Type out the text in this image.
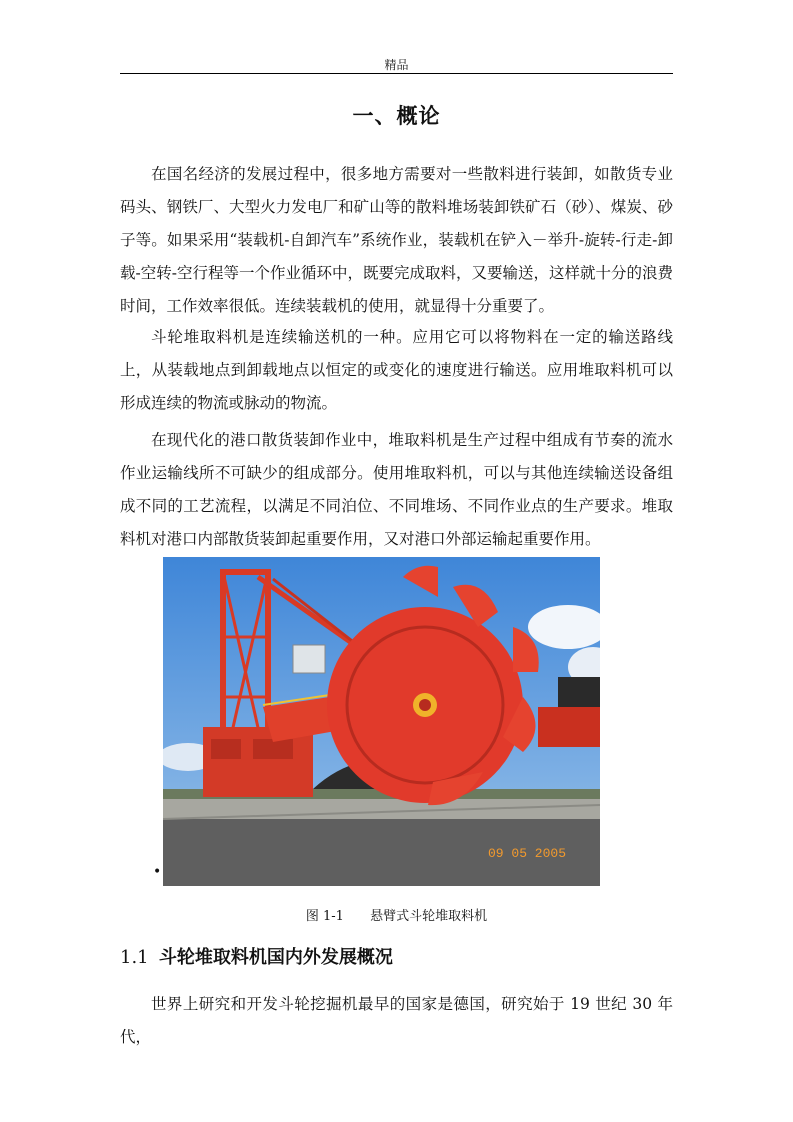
精品
一、概论

在国名经济的发展过程中，很多地方需要对一些散料进行装卸，如散货专业码头、钢铁厂、大型火力发电厂和矿山等的散料堆场装卸铁矿石（砂）、煤炭、砂子等。如果采用“装载机-自卸汽车”系统作业，装载机在铲入－举升-旋转-行走-卸载-空转-空行程等一个作业循环中，既要完成取料，又要输送，这样就十分的浪费时间，工作效率很低。连续装载机的使用，就显得十分重要了。

斗轮堆取料机是连续输送机的一种。应用它可以将物料在一定的输送路线上，从装载地点到卸载地点以恒定的或变化的速度进行输送。应用堆取料机可以形成连续的物流或脉动的物流。

在现代化的港口散货装卸作业中，堆取料机是生产过程中组成有节奏的流水作业运输线所不可缺少的组成部分。使用堆取料机，可以与其他连续输送设备组成不同的工艺流程，以满足不同泊位、不同堆场、不同作业点的生产要求。堆取料机对港口内部散货装卸起重要作用，又对港口外部运输起重要作用。

•
09 05 2005
图 1-1 悬臂式斗轮堆取料机
1.1 斗轮堆取料机国内外发展概况

世界上研究和开发斗轮挖掘机最早的国家是德国，研究始于 19 世纪 30 年代，
